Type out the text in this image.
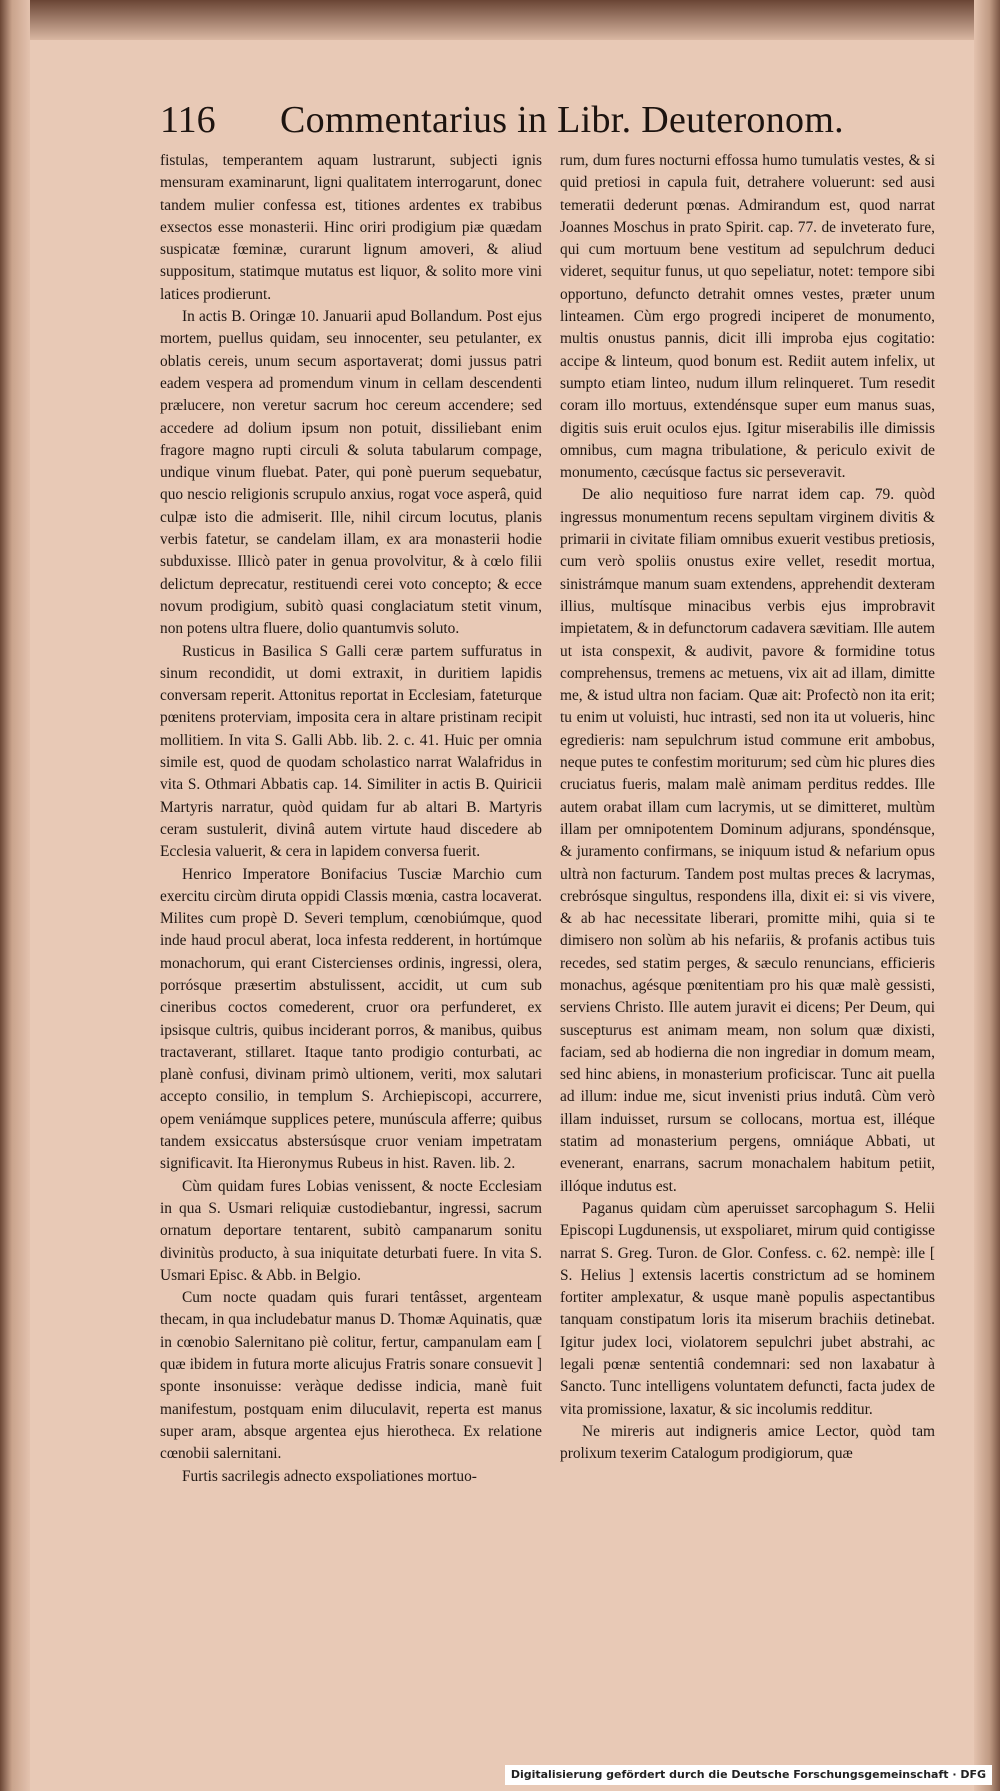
116 Commentarius in Libr. Deuteronom.

fistulas, temperantem aquam lustrarunt, subjecti ignis mensuram examinarunt, ligni qualitatem interrogarunt, donec tandem mulier confessa est, titiones ardentes ex trabibus exsectos esse monasterii. Hinc oriri prodigium piæ quædam suspicatæ fœminæ, curarunt lignum amoveri, & aliud suppositum, statimque mutatus est liquor, & solito more vini latices prodierunt.

In actis B. Oringæ 10. Januarii apud Bollandum. Post ejus mortem, puellus quidam, seu innocenter, seu petulanter, ex oblatis cereis, unum secum asportaverat; domi jussus patri eadem vespera ad promendum vinum in cellam descendenti prælucere, non veretur sacrum hoc cereum accendere; sed accedere ad dolium ipsum non potuit, dissiliebant enim fragore magno rupti circuli & soluta tabularum compage, undique vinum fluebat. Pater, qui ponè puerum sequebatur, quo nescio religionis scrupulo anxius, rogat voce asperâ, quid culpæ isto die admiserit. Ille, nihil circum locutus, planis verbis fatetur, se candelam illam, ex ara monasterii hodie subduxisse. Illicò pater in genua provolvitur, & à cœlo filii delictum deprecatur, restituendi cerei voto concepto; & ecce novum prodigium, subitò quasi conglaciatum stetit vinum, non potens ultra fluere, dolio quantumvis soluto.

Rusticus in Basilica S Galli ceræ partem suffuratus in sinum recondidit, ut domi extraxit, in duritiem lapidis conversam reperit. Attonitus reportat in Ecclesiam, fateturque pœnitens proterviam, imposita cera in altare pristinam recipit mollitiem. In vita S. Galli Abb. lib. 2. c. 41. Huic per omnia simile est, quod de quodam scholastico narrat Walafridus in vita S. Othmari Abbatis cap. 14. Similiter in actis B. Quiricii Martyris narratur, quòd quidam fur ab altari B. Martyris ceram sustulerit, divinâ autem virtute haud discedere ab Ecclesia valuerit, & cera in lapidem conversa fuerit.

Henrico Imperatore Bonifacius Tusciæ Marchio cum exercitu circùm diruta oppidi Classis mœnia, castra locaverat. Milites cum propè D. Severi templum, cœnobiúmque, quod inde haud procul aberat, loca infesta redderent, in hortúmque monachorum, qui erant Cistercienses ordinis, ingressi, olera, porrósque præsertim abstulissent, accidit, ut cum sub cineribus coctos comederent, cruor ora perfunderet, ex ipsisque cultris, quibus inciderant porros, & manibus, quibus tractaverant, stillaret. Itaque tanto prodigio conturbati, ac planè confusi, divinam primò ultionem, veriti, mox salutari accepto consilio, in templum S. Archiepiscopi, accurrere, opem veniámque supplices petere, munúscula afferre; quibus tandem exsiccatus abstersúsque cruor veniam impetratam significavit. Ita Hieronymus Rubeus in hist. Raven. lib. 2.

Cùm quidam fures Lobias venissent, & nocte Ecclesiam in qua S. Usmari reliquiæ custodiebantur, ingressi, sacrum ornatum deportare tentarent, subitò campanarum sonitu divinitùs producto, à sua iniquitate deturbati fuere. In vita S. Usmari Episc. & Abb. in Belgio.

Cum nocte quadam quis furari tentâsset, argenteam thecam, in qua includebatur manus D. Thomæ Aquinatis, quæ in cœnobio Salernitano piè colitur, fertur, campanulam eam [ quæ ibidem in futura morte alicujus Fratris sonare consuevit ] sponte insonuisse: veràque dedisse indicia, manè fuit manifestum, postquam enim diluculavit, reperta est manus super aram, absque argentea ejus hierotheca. Ex relatione cœnobii salernitani.

Furtis sacrilegis adnecto exspoliationes mortuo-

rum, dum fures nocturni effossa humo tumulatis vestes, & si quid pretiosi in capula fuit, detrahere voluerunt: sed ausi temeratii dederunt pœnas. Admirandum est, quod narrat Joannes Moschus in prato Spirit. cap. 77. de inveterato fure, qui cum mortuum bene vestitum ad sepulchrum deduci videret, sequitur funus, ut quo sepeliatur, notet: tempore sibi opportuno, defuncto detrahit omnes vestes, præter unum linteamen. Cùm ergo progredi inciperet de monumento, multis onustus pannis, dicit illi improba ejus cogitatio: accipe & linteum, quod bonum est. Rediit autem infelix, ut sumpto etiam linteo, nudum illum relinqueret. Tum resedit coram illo mortuus, extendénsque super eum manus suas, digitis suis eruit oculos ejus. Igitur miserabilis ille dimissis omnibus, cum magna tribulatione, & periculo exivit de monumento, cæcúsque factus sic perseveravit.

De alio nequitioso fure narrat idem cap. 79. quòd ingressus monumentum recens sepultam virginem divitis & primarii in civitate filiam omnibus exuerit vestibus pretiosis, cum verò spoliis onustus exire vellet, resedit mortua, sinistrámque manum suam extendens, apprehendit dexteram illius, multísque minacibus verbis ejus improbravit impietatem, & in defunctorum cadavera sævitiam. Ille autem ut ista conspexit, & audivit, pavore & formidine totus comprehensus, tremens ac metuens, vix ait ad illam, dimitte me, & istud ultra non faciam. Quæ ait: Profectò non ita erit; tu enim ut voluisti, huc intrasti, sed non ita ut volueris, hinc egredieris: nam sepulchrum istud commune erit ambobus, neque putes te confestim moriturum; sed cùm hic plures dies cruciatus fueris, malam malè animam perditus reddes. Ille autem orabat illam cum lacrymis, ut se dimitteret, multùm illam per omnipotentem Dominum adjurans, spondénsque, & juramento confirmans, se iniquum istud & nefarium opus ultrà non facturum. Tandem post multas preces & lacrymas, crebrósque singultus, respondens illa, dixit ei: si vis vivere, & ab hac necessitate liberari, promitte mihi, quia si te dimisero non solùm ab his nefariis, & profanis actibus tuis recedes, sed statim perges, & sæculo renuncians, efficieris monachus, agésque pœnitentiam pro his quæ malè gessisti, serviens Christo. Ille autem juravit ei dicens; Per Deum, qui suscepturus est animam meam, non solum quæ dixisti, faciam, sed ab hodierna die non ingrediar in domum meam, sed hinc abiens, in monasterium proficiscar. Tunc ait puella ad illum: indue me, sicut invenisti prius indutâ. Cùm verò illam induisset, rursum se collocans, mortua est, illéque statim ad monasterium pergens, omniáque Abbati, ut evenerant, enarrans, sacrum monachalem habitum petiit, illóque indutus est.

Paganus quidam cùm aperuisset sarcophagum S. Helii Episcopi Lugdunensis, ut exspoliaret, mirum quid contigisse narrat S. Greg. Turon. de Glor. Confess. c. 62. nempè: ille [ S. Helius ] extensis lacertis constrictum ad se hominem fortiter amplexatur, & usque manè populis aspectantibus tanquam constipatum loris ita miserum brachiis detinebat. Igitur judex loci, violatorem sepulchri jubet abstrahi, ac legali pœnæ sententiâ condemnari: sed non laxabatur à Sancto. Tunc intelligens voluntatem defuncti, facta judex de vita promissione, laxatur, & sic incolumis redditur.

Ne mireris aut indigneris amice Lector, quòd tam prolixum texerim Catalogum prodigiorum, quæ

Digitalisierung gefördert durch die Deutsche Forschungsgemeinschaft · DFG
